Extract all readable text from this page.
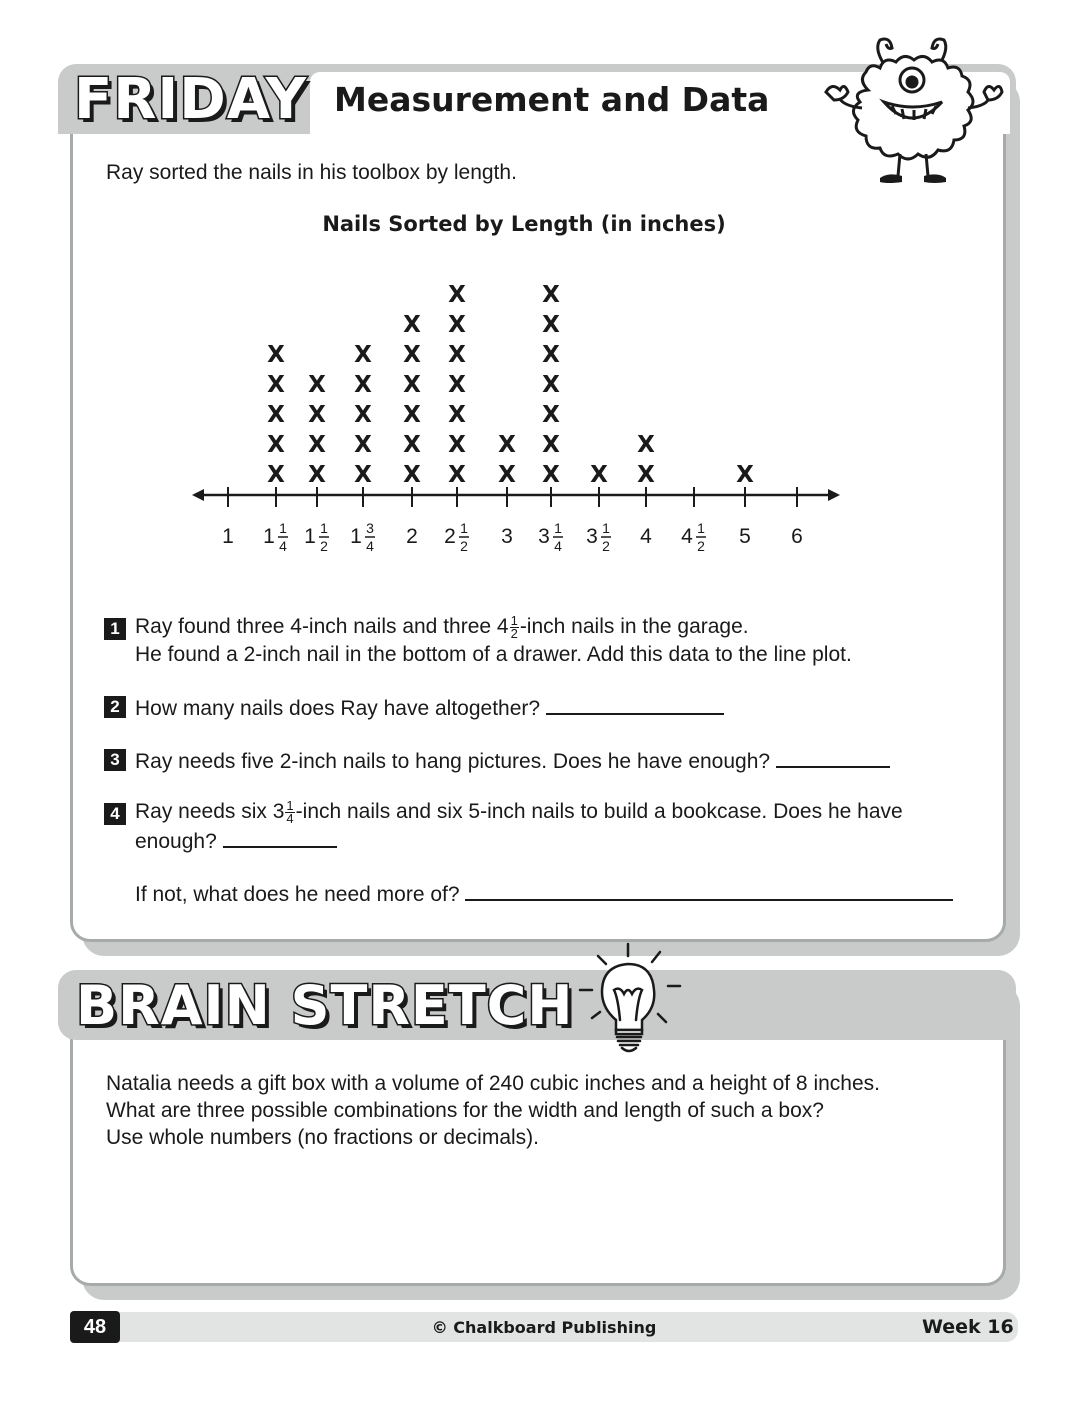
FRIDAY Measurement and Data
Ray sorted the nails in his toolbox by length.
Nails Sorted by Length (in inches)
1 1 1
4
X
X
X
X
X
1 1
2
X
X
X
X
1 3
4
X
X
X
X
X
2
X
X
X
X
X
X
2 1
2
X
X
X
X
X
X
X
3
X
X
3 1
4
X
X
X
X
X
X
X
3 1
2
X
4
X
X
4 1
2 5
X
6
1 Ray found three 4-inch nails and three $4 \frac{1}{2}$ -inch nails in the garage.
He found a 2-inch nail in the bottom of a drawer. Add this data to the line plot.
2 How many nails does Ray have altogether?
3 Ray needs five 2-inch nails to hang pictures. Does he have enough?
4 Ray needs six $3 \frac{1}{4}$ -inch nails and six 5-inch nails to build a bookcase. Does he have
enough?
If not, what does he need more of?
BRAIN STRETCH
Natalia needs a gift box with a volume of 240 cubic inches and a height of 8 inches.
What are three possible combinations for the width and length of such a box?
Use whole numbers (no fractions or decimals).
48	© Chalkboard Publishing	Week 16
